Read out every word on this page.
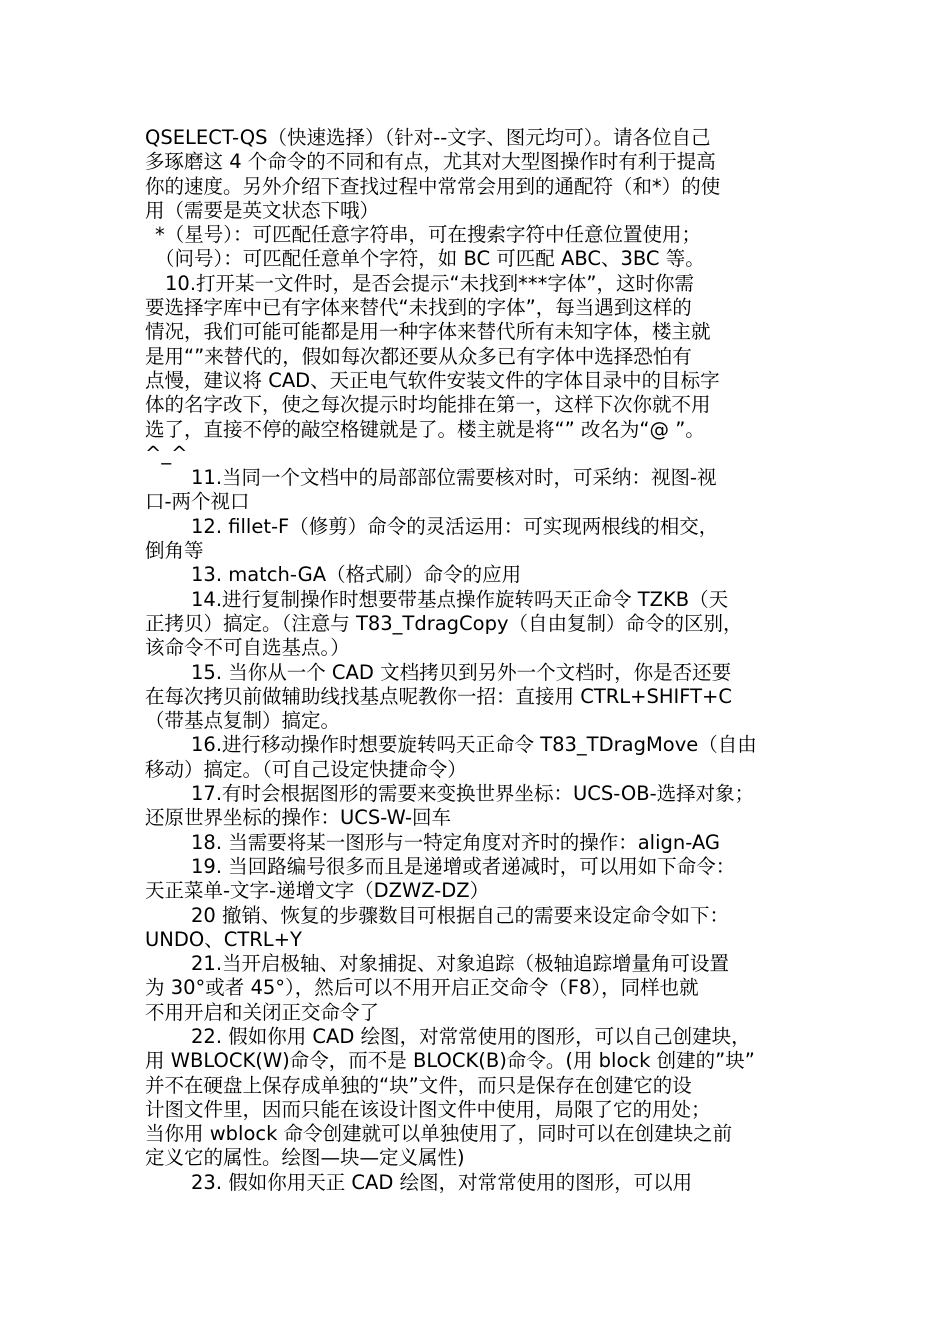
QSELECT-QS（快速选择）（针对--文字、图元均可）。请各位自己
多琢磨这 4 个命令的不同和有点，尤其对大型图操作时有利于提高
你的速度。另外介绍下查找过程中常常会用到的通配符（和*）的使
用（需要是英文状态下哦）
*（星号）：可匹配任意字符串，可在搜索字符中任意位置使用；
（问号）：可匹配任意单个字符，如 BC 可匹配 ABC、3BC 等。
10.打开某一文件时，是否会提示“未找到***字体”，这时你需
要选择字库中已有字体来替代“未找到的字体”，每当遇到这样的
情况，我们可能可能都是用一种字体来替代所有未知字体，楼主就
是用“”来替代的，假如每次都还要从众多已有字体中选择恐怕有
点慢，建议将 CAD、天正电气软件安装文件的字体目录中的目标字
体的名字改下，使之每次提示时均能排在第一，这样下次你就不用
选了，直接不停的敲空格键就是了。楼主就是将“” 改名为“@ ”。
^_^
11.当同一个文档中的局部部位需要核对时，可采纳：视图-视
口-两个视口
12. fillet-F（修剪）命令的灵活运用：可实现两根线的相交，
倒角等
13. match-GA（格式刷）命令的应用
14.进行复制操作时想要带基点操作旋转吗天正命令 TZKB（天
正拷贝）搞定。（注意与 T83_TdragCopy（自由复制）命令的区别，
该命令不可自选基点。）
15. 当你从一个 CAD 文档拷贝到另外一个文档时，你是否还要
在每次拷贝前做辅助线找基点呢教你一招：直接用 CTRL+SHIFT+C
（带基点复制）搞定。
16.进行移动操作时想要旋转吗天正命令 T83_TDragMove（自由
移动）搞定。（可自己设定快捷命令）
17.有时会根据图形的需要来变换世界坐标：UCS-OB-选择对象；
还原世界坐标的操作：UCS-W-回车
18. 当需要将某一图形与一特定角度对齐时的操作：align-AG
19. 当回路编号很多而且是递增或者递减时，可以用如下命令：
天正菜单-文字-递增文字（DZWZ-DZ）
20 撤销、恢复的步骤数目可根据自己的需要来设定命令如下：
UNDO、CTRL+Y
21.当开启极轴、对象捕捉、对象追踪（极轴追踪增量角可设置
为 30°或者 45°），然后可以不用开启正交命令（F8），同样也就
不用开启和关闭正交命令了
22. 假如你用 CAD 绘图，对常常使用的图形，可以自己创建块，
用 WBLOCK(W)命令，而不是 BLOCK(B)命令。(用 block 创建的”块”
并不在硬盘上保存成单独的“块”文件，而只是保存在创建它的设
计图文件里，因而只能在该设计图文件中使用，局限了它的用处；
当你用 wblock 命令创建就可以单独使用了，同时可以在创建块之前
定义它的属性。绘图—块—定义属性)
23. 假如你用天正 CAD 绘图，对常常使用的图形，可以用
